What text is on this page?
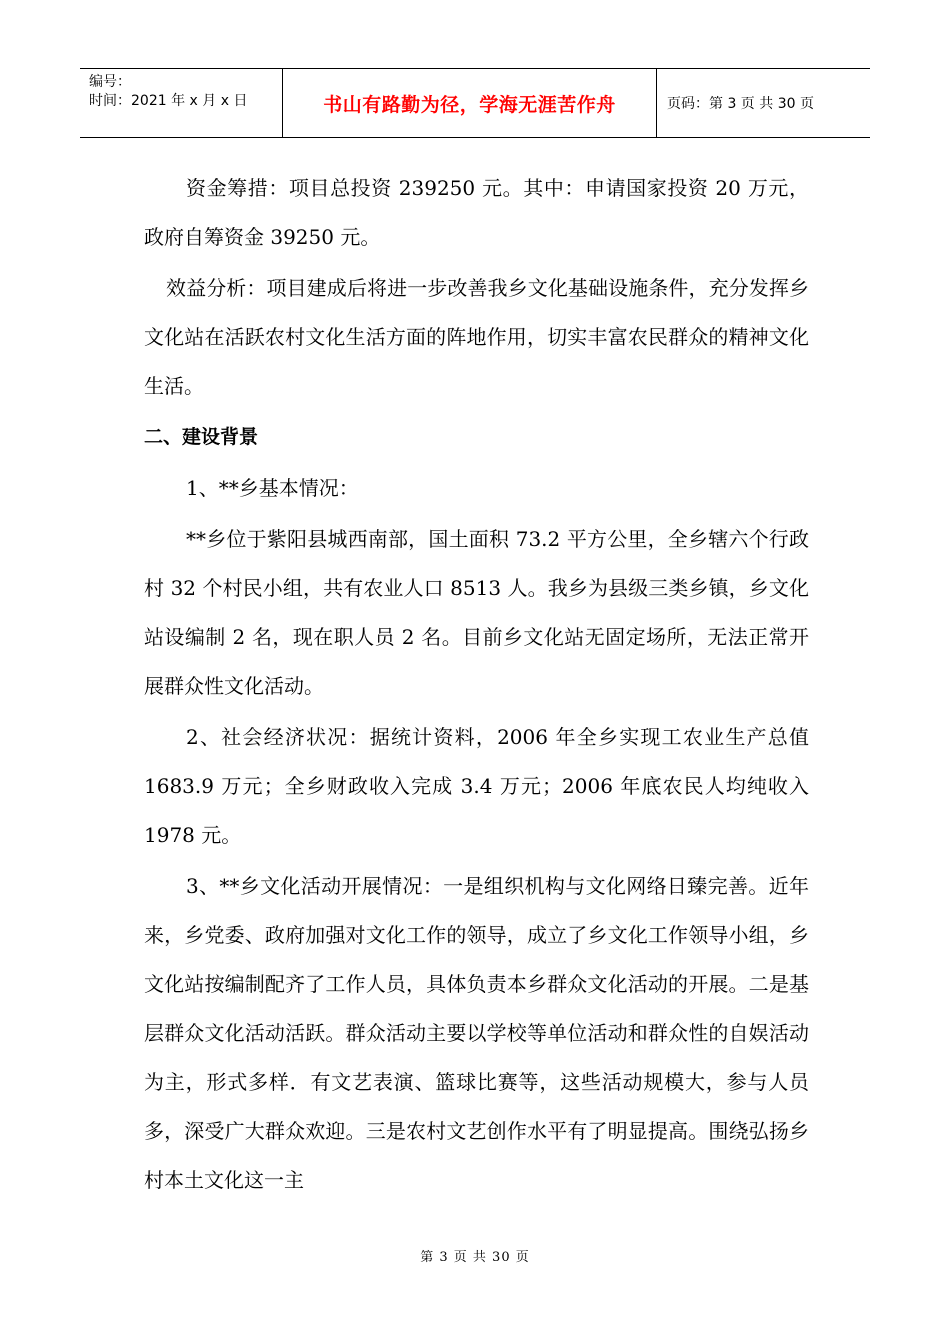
编号：
时间：2021 年 x 月 x 日	书山有路勤为径，学海无涯苦作舟	页码：第 3 页 共 30 页

资金筹措：项目总投资 239250 元。其中：申请国家投资 20 万元，政府自筹资金 39250 元。

效益分析：项目建成后将进一步改善我乡文化基础设施条件，充分发挥乡文化站在活跃农村文化生活方面的阵地作用，切实丰富农民群众的精神文化生活。

二、建设背景

1、**乡基本情况：

**乡位于紫阳县城西南部，国土面积 73.2 平方公里，全乡辖六个行政村 32 个村民小组，共有农业人口 8513 人。我乡为县级三类乡镇，乡文化站设编制 2 名，现在职人员 2 名。目前乡文化站无固定场所，无法正常开展群众性文化活动。

2、社会经济状况：据统计资料，2006 年全乡实现工农业生产总值 1683.9 万元；全乡财政收入完成 3.4 万元；2006 年底农民人均纯收入 1978 元。

3、**乡文化活动开展情况：一是组织机构与文化网络日臻完善。近年来，乡党委、政府加强对文化工作的领导，成立了乡文化工作领导小组，乡文化站按编制配齐了工作人员，具体负责本乡群众文化活动的开展。二是基层群众文化活动活跃。群众活动主要以学校等单位活动和群众性的自娱活动为主，形式多样．有文艺表演、篮球比赛等，这些活动规模大，参与人员多，深受广大群众欢迎。三是农村文艺创作水平有了明显提高。围绕弘扬乡村本土文化这一主

第 3 页 共 30 页
